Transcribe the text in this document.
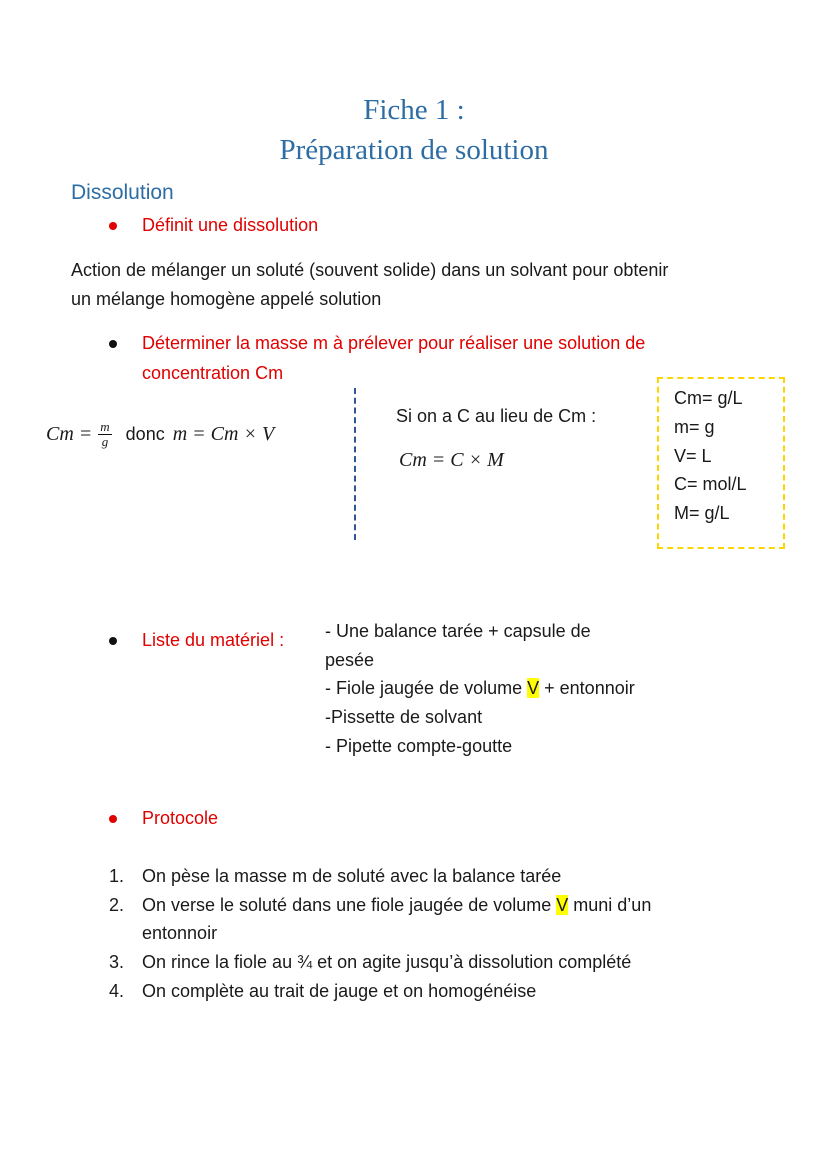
Fiche 1 :
Préparation de solution
Dissolution
Définit une dissolution
Action de mélanger un soluté (souvent solide) dans un solvant pour obtenir
un mélange homogène appelé solution
Déterminer la masse m à prélever pour réaliser une solution de
concentration Cm
$Cm = \frac{m}{g}$ donc m = Cm × V
Si on a C au lieu de Cm :
Cm = C × M
Cm= g/L
m= g
V= L
C= mol/L
M= g/L
Liste du matériel : - Une balance tarée + capsule de
pesée
- Fiole jaugée de volume V + entonnoir
-Pissette de solvant
- Pipette compte-goutte
Protocole
1. On pèse la masse m de soluté avec la balance tarée
2. On verse le soluté dans une fiole jaugée de volume V muni d’un
entonnoir
3. On rince la fiole au ¾ et on agite jusqu’à dissolution complété
4. On complète au trait de jauge et on homogénéise
